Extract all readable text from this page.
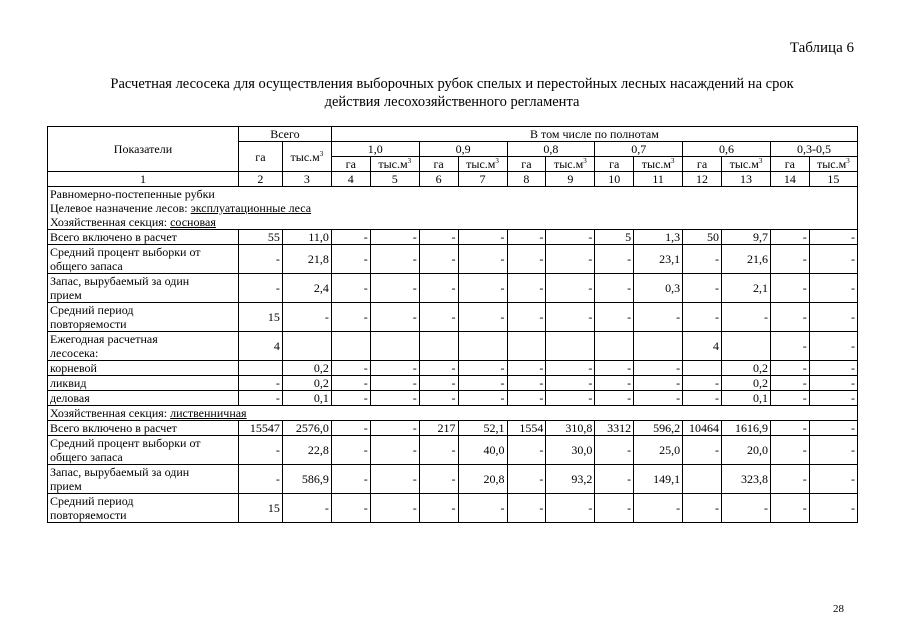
Таблица 6
Расчетная лесосека для осуществления выборочных рубок спелых и перестойных лесных насаждений на срок
действия лесохозяйственного регламента
Показатели	Всего		В том числе по полнотам											
	га	$тыс.м^3$	1,0		0,9		0,8		0,7		0,6		0,3-0,5	
			га	$тыс.м^3$	га	$тыс.м^3$	га	$тыс.м^3$	га	$тыс.м^3$	га	$тыс.м^3$	га	$тыс.м^3$
1	2	3	4	5	6	7	8	9	10	11	12	13	14	15

Равномерно-постепенные рубки
Целевое назначение лесов: эксплуатационные леса
Хозяйственная секция: сосновая														

Всего включено в расчет	55	11,0	-	-	-	-	-	-	5	1,3	50	9,7	-	-

Средний процент выборки от
общего запаса	-	21,8	-	-	-	-	-	-	-	23,1	-	21,6	-	-

Запас, вырубаемый за один
прием	-	2,4	-	-	-	-	-	-	-	0,3	-	2,1	-	-

Средний период
повторяемости	15	-	-	-	-	-	-	-	-	-	-	-	-	-

Ежегодная расчетная
лесосека:	4										4		-	-

корневой		0,2	-	-	-	-	-	-	-	-		0,2	-	-

ликвид	-	0,2	-	-	-	-	-	-	-	-	-	0,2	-	-

деловая	-	0,1	-	-	-	-	-	-	-	-	-	0,1	-	-
Хозяйственная секция: лиственничная														

Всего включено в расчет	15547	2576,0	-	-	217	52,1	1554	310,8	3312	596,2	10464	1616,9	-	-

Средний процент выборки от
общего запаса	-	22,8	-	-	-	40,0	-	30,0	-	25,0	-	20,0	-	-

Запас, вырубаемый за один
прием	-	586,9	-	-	-	20,8	-	93,2	-	149,1		323,8	-	-

Средний период
повторяемости	15	-	-	-	-	-	-	-	-	-	-	-	-	-
28
